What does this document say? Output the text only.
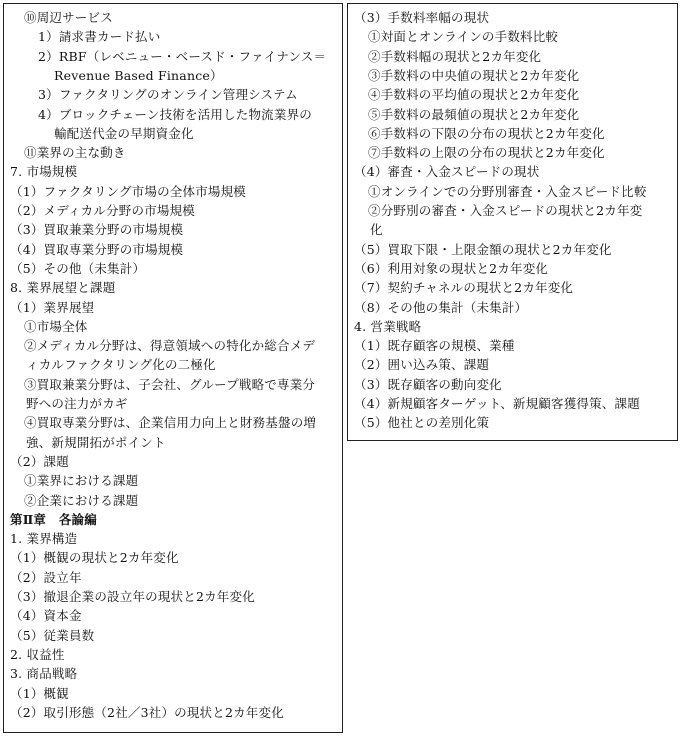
⑩周辺サービス
1）請求書カード払い
2）RBF（レベニュー・ベースド・ファイナンス＝
Revenue Based Finance）
3）ファクタリングのオンライン管理システム
4）ブロックチェーン技術を活用した物流業界の
輸配送代金の早期資金化
⑪業界の主な動き
7. 市場規模
（1）ファクタリング市場の全体市場規模
（2）メディカル分野の市場規模
（3）買取兼業分野の市場規模
（4）買取専業分野の市場規模
（5）その他（未集計）
8. 業界展望と課題
（1）業界展望
①市場全体
②メディカル分野は、得意領域への特化か総合メデ
ィカルファクタリング化の二極化
③買取兼業分野は、子会社、グループ戦略で専業分
野への注力がカギ
④買取専業分野は、企業信用力向上と財務基盤の増
強、新規開拓がポイント
（2）課題
①業界における課題
②企業における課題
第Ⅱ章　各論編
1. 業界構造
（1）概観の現状と2カ年変化
（2）設立年
（3）撤退企業の設立年の現状と2カ年変化
（4）資本金
（5）従業員数
2. 収益性
3. 商品戦略
（1）概観
（2）取引形態（2社／3社）の現状と2カ年変化
（3）手数料率幅の現状
①対面とオンラインの手数料比較
②手数料幅の現状と2カ年変化
③手数料の中央値の現状と2カ年変化
④手数料の平均値の現状と2カ年変化
⑤手数料の最頻値の現状と2カ年変化
⑥手数料の下限の分布の現状と2カ年変化
⑦手数料の上限の分布の現状と2カ年変化
（4）審査・入金スピードの現状
①オンラインでの分野別審査・入金スピード比較
②分野別の審査・入金スピードの現状と2カ年変
化
（5）買取下限・上限金額の現状と2カ年変化
（6）利用対象の現状と2カ年変化
（7）契約チャネルの現状と2カ年変化
（8）その他の集計（未集計）
4. 営業戦略
（1）既存顧客の規模、業種
（2）囲い込み策、課題
（3）既存顧客の動向変化
（4）新規顧客ターゲット、新規顧客獲得策、課題
（5）他社との差別化策
